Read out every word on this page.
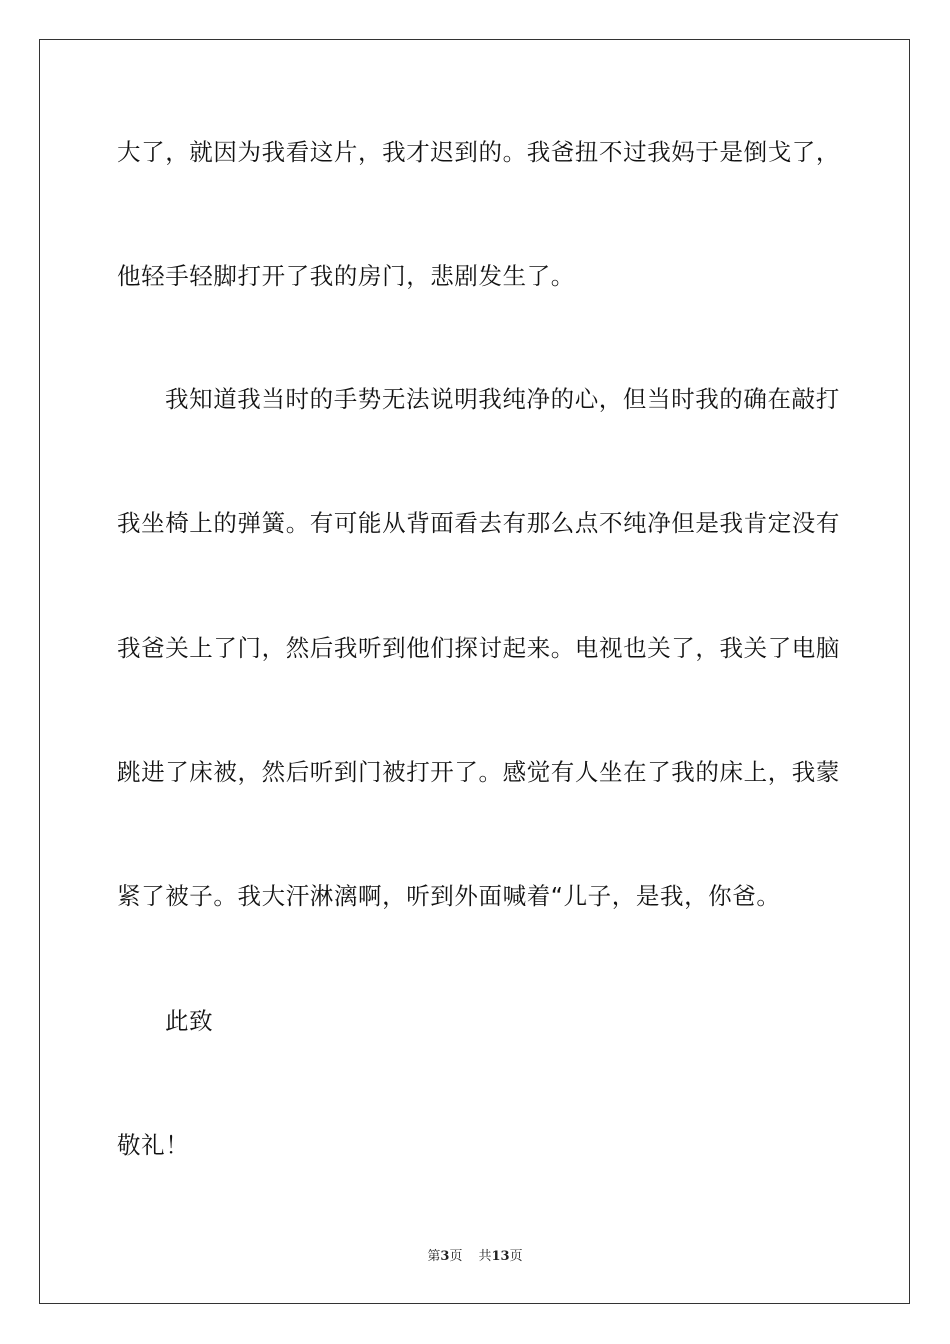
大了，就因为我看这片，我才迟到的。我爸扭不过我妈于是倒戈了，
他轻手轻脚打开了我的房门，悲剧发生了。
我知道我当时的手势无法说明我纯净的心，但当时我的确在敲打
我坐椅上的弹簧。有可能从背面看去有那么点不纯净但是我肯定没有
我爸关上了门，然后我听到他们探讨起来。电视也关了，我关了电脑
跳进了床被，然后听到门被打开了。感觉有人坐在了我的床上，我蒙
紧了被子。我大汗淋漓啊，听到外面喊着“儿子，是我，你爸。
此致
敬礼！
第3页 共13页
